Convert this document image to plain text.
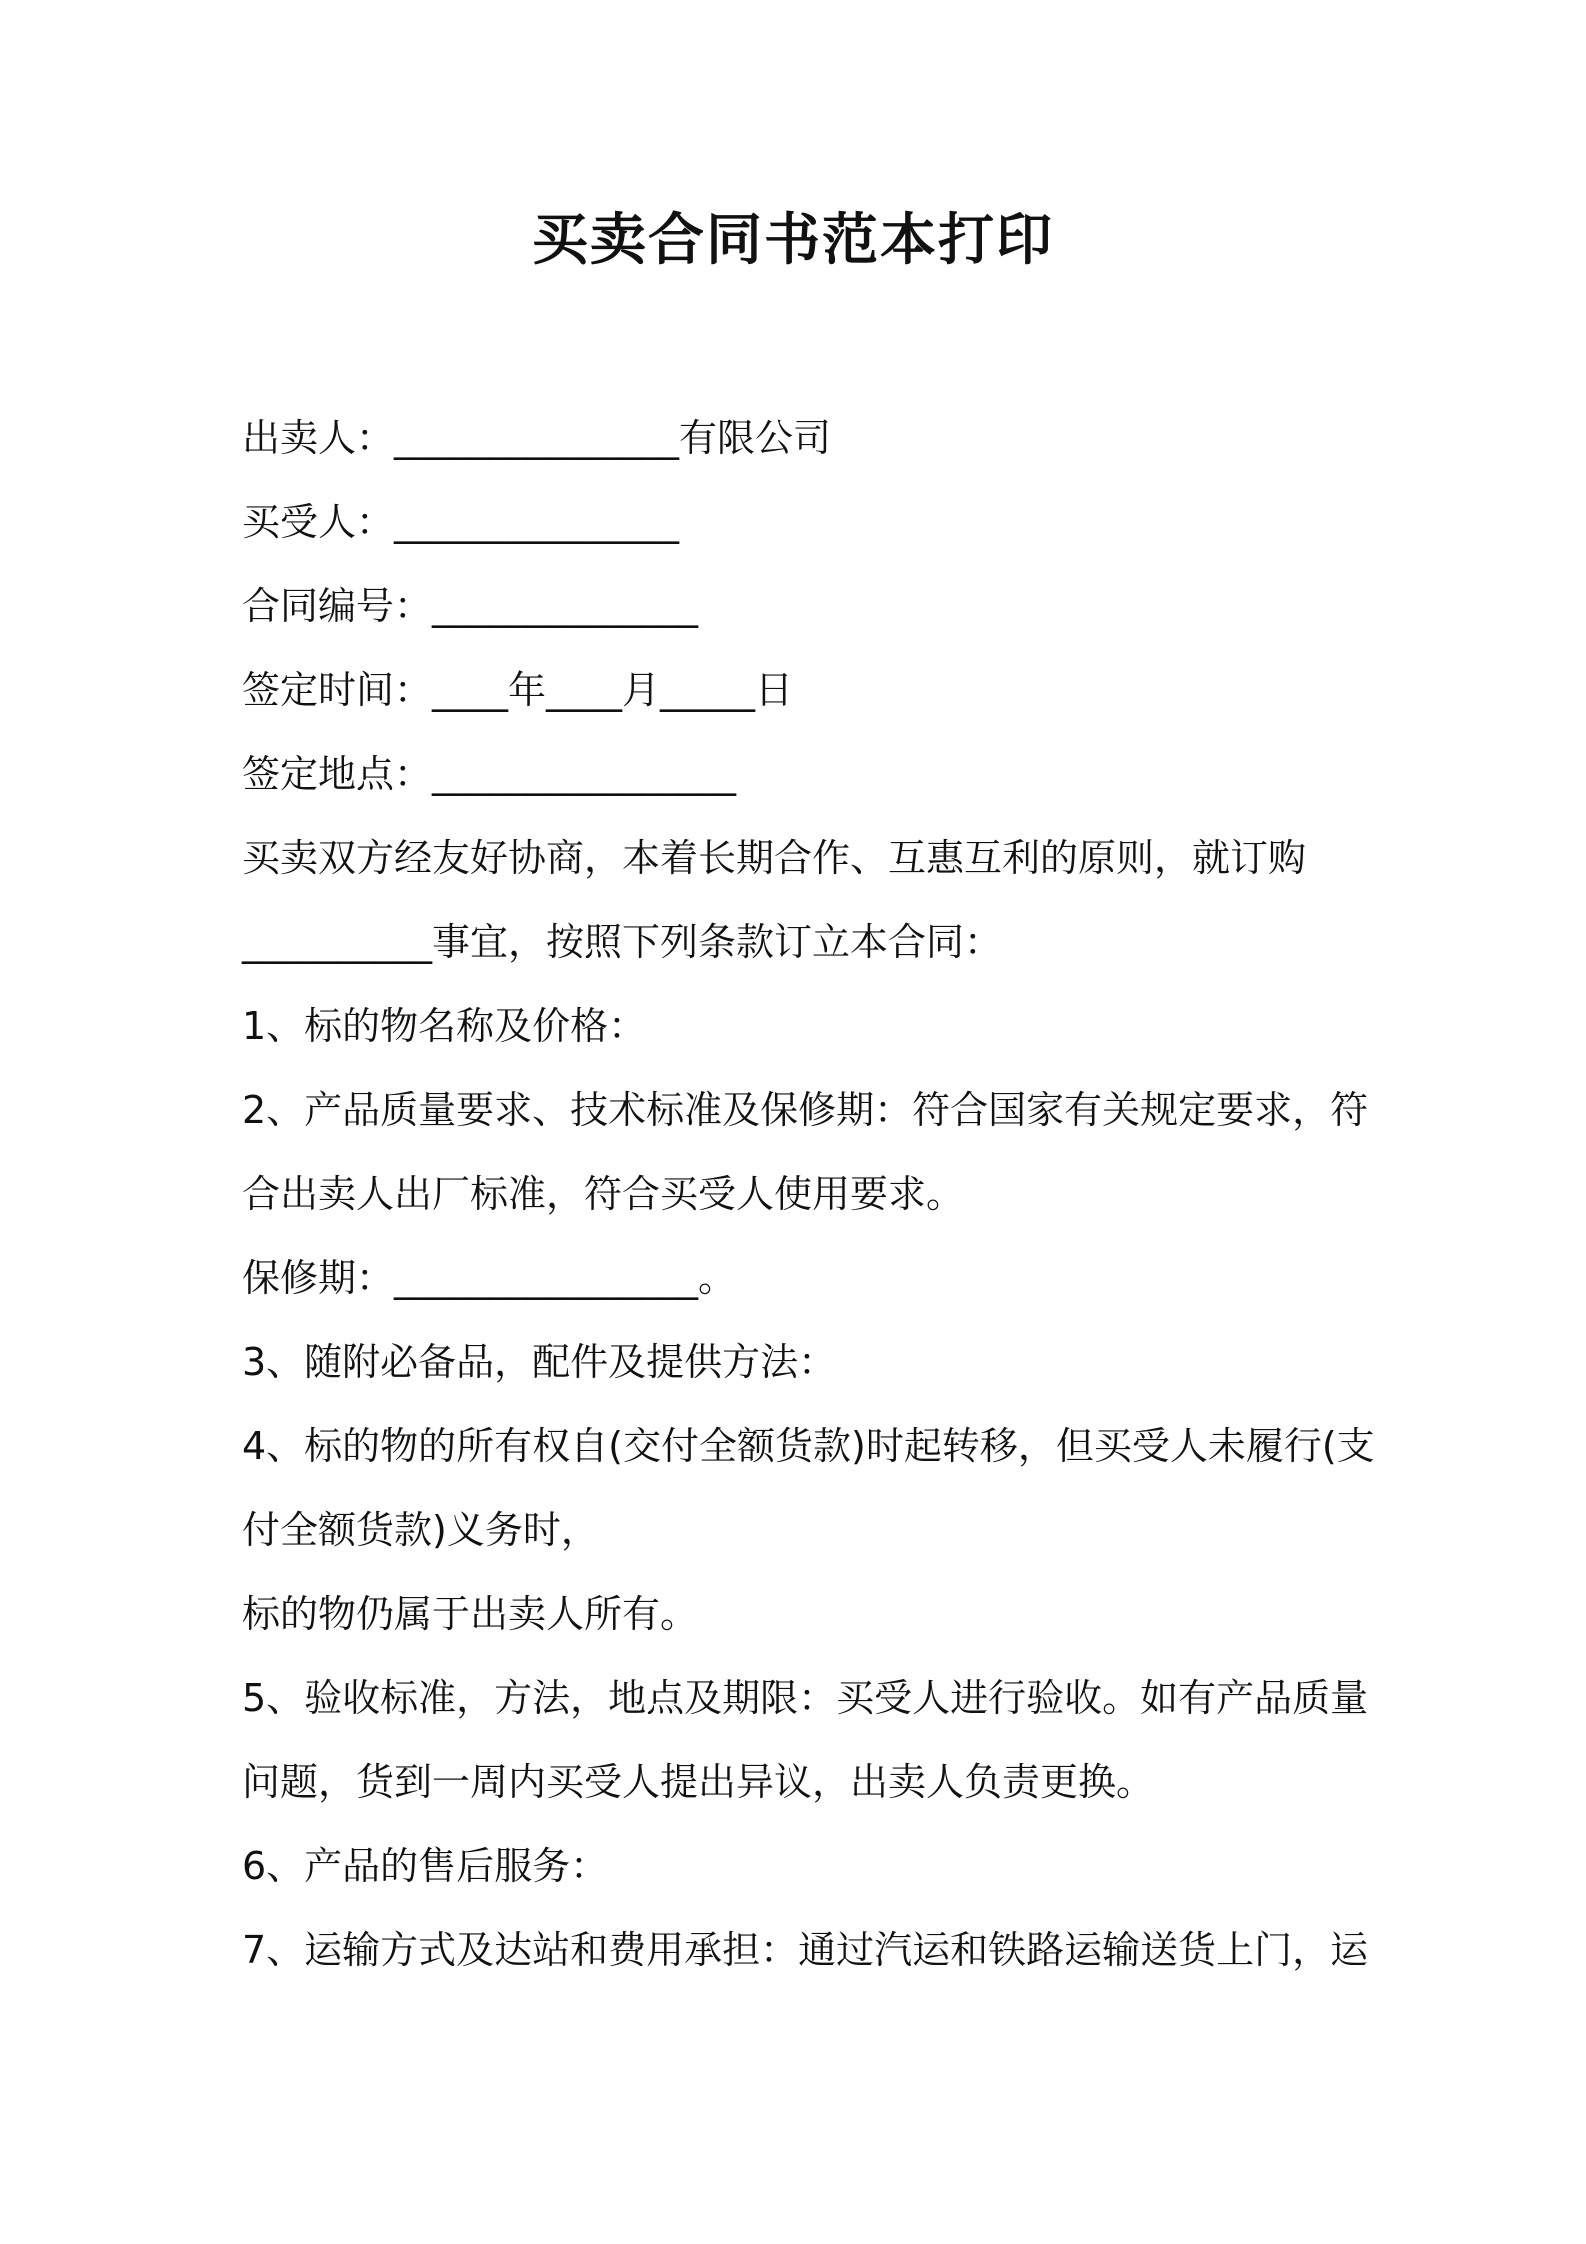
买卖合同书范本打印

出卖人：_______________有限公司

买受人：_______________

合同编号：______________

签定时间：____年____月_____日

签定地点：________________

买卖双方经友好协商，本着长期合作、互惠互利的原则，就订购

__________事宜，按照下列条款订立本合同：

1、标的物名称及价格：

2、产品质量要求、技术标准及保修期：符合国家有关规定要求，符

合出卖人出厂标准，符合买受人使用要求。

保修期：________________。

3、随附必备品，配件及提供方法：

4、标的物的所有权自(交付全额货款)时起转移，但买受人未履行(支

付全额货款)义务时，

标的物仍属于出卖人所有。

5、验收标准，方法，地点及期限：买受人进行验收。如有产品质量

问题，货到一周内买受人提出异议，出卖人负责更换。

6、产品的售后服务：

7、运输方式及达站和费用承担：通过汽运和铁路运输送货上门，运
